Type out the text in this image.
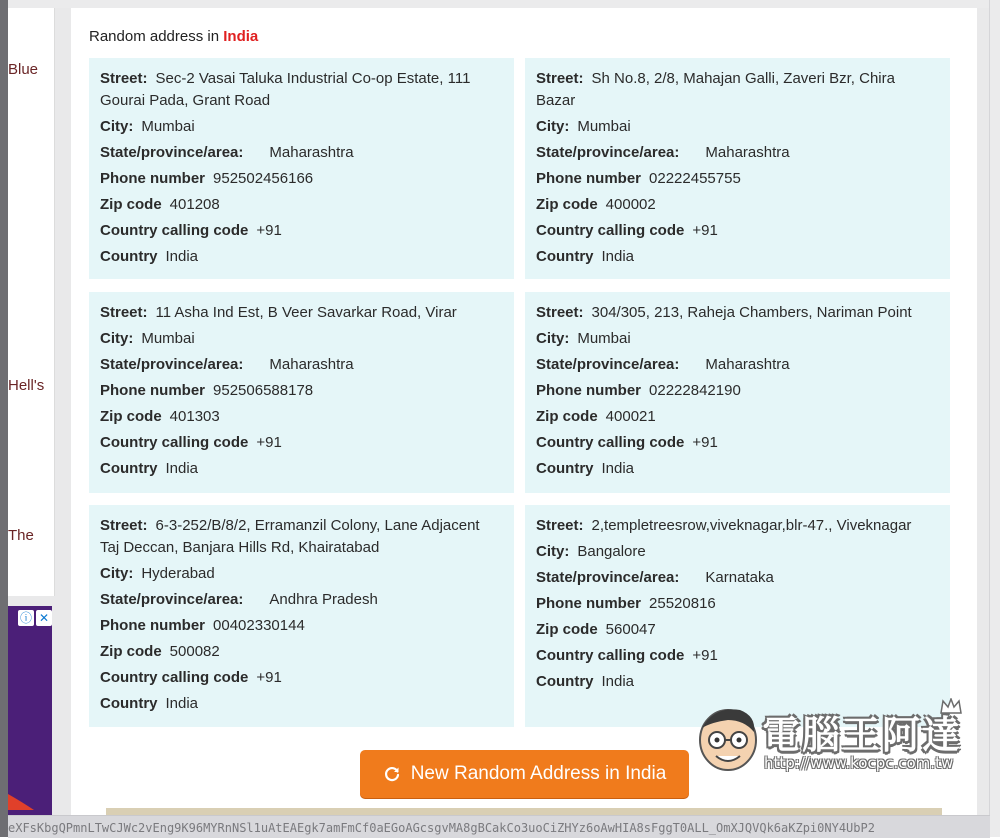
Blue
Hell's
The
ⓘ ✕
Random address in India
Street: Sec-2 Vasai Taluka Industrial Co-op Estate, 111
Gourai Pada, Grant Road
City: Mumbai
State/province/area: Maharashtra
Phone number 952502456166
Zip code 401208
Country calling code +91
Country India
Street: Sh No.8, 2/8, Mahajan Galli, Zaveri Bzr, Chira
Bazar
City: Mumbai
State/province/area: Maharashtra
Phone number 02222455755
Zip code 400002
Country calling code +91
Country India
Street: 11 Asha Ind Est, B Veer Savarkar Road, Virar
City: Mumbai
State/province/area: Maharashtra
Phone number 952506588178
Zip code 401303
Country calling code +91
Country India
Street: 304/305, 213, Raheja Chambers, Nariman Point
City: Mumbai
State/province/area: Maharashtra
Phone number 02222842190
Zip code 400021
Country calling code +91
Country India
Street: 6-3-252/B/8/2, Erramanzil Colony, Lane Adjacent
Taj Deccan, Banjara Hills Rd, Khairatabad
City: Hyderabad
State/province/area: Andhra Pradesh
Phone number 00402330144
Zip code 500082
Country calling code +91
Country India
Street: 2,templetreesrow,viveknagar,blr-47., Viveknagar
City: Bangalore
State/province/area: Karnataka
Phone number 25520816
Zip code 560047
Country calling code +91
Country India
New Random Address in India
電腦王阿達
http://www.kocpc.com.tw
eXFsKbgQPmnLTwCJWc2vEng9K96MYRnNSl1uAtEAEgk7amFmCf0aEGoAGcsgvMA8gBCakCo3uoCiZHYz6oAwHIA8sFggT0ALL_OmXJQVQk6aKZpi0NY4UbP2
